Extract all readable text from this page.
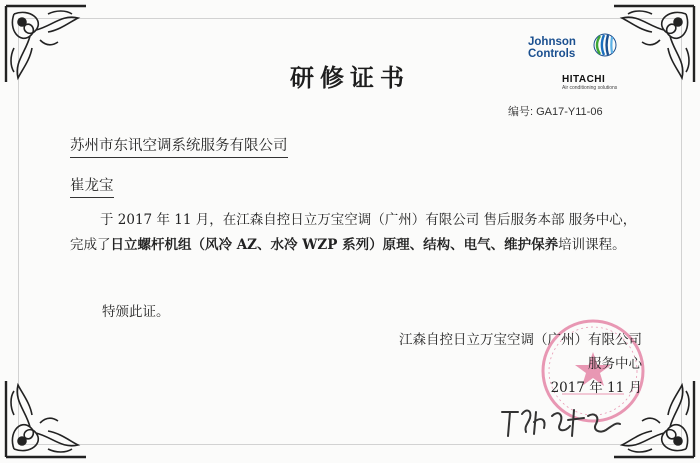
Johnson
Controls
HITACHI
Air conditioning solutions
研修证书
编号: GA17-Y11-06
苏州市东讯空调系统服务有限公司
崔龙宝
于 2017 年 11 月，在江森自控日立万宝空调（广州）有限公司 售后服务本部 服务中心，完成了日立螺杆机组（风冷 AZ、水冷 WZP 系列）原理、结构、电气、维护保养培训课程。
特颁此证。
江森自控日立万宝空调（广州）有限公司
服务中心
2017 年 11 月
